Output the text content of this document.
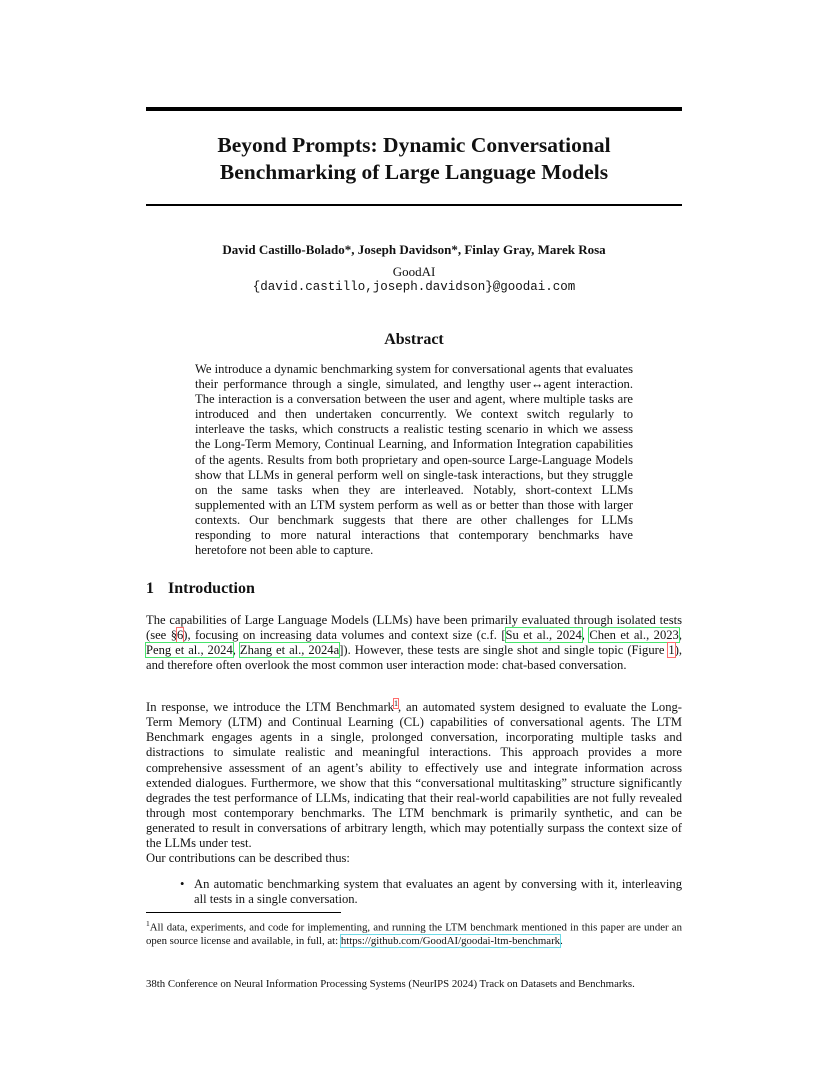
Beyond Prompts: Dynamic Conversational
Benchmarking of Large Language Models
David Castillo-Bolado*, Joseph Davidson*, Finlay Gray, Marek Rosa
GoodAI
{david.castillo,joseph.davidson}@goodai.com
Abstract

We introduce a dynamic benchmarking system for conversational agents that evaluates their performance through a single, simulated, and lengthy user↔agent interaction. The interaction is a conversation between the user and agent, where multiple tasks are introduced and then undertaken concurrently. We context switch regularly to interleave the tasks, which constructs a realistic testing scenario in which we assess the Long-Term Memory, Continual Learning, and Information Integration capabilities of the agents. Results from both proprietary and open-source Large-Language Models show that LLMs in general perform well on single-task interactions, but they struggle on the same tasks when they are interleaved. Notably, short-context LLMs supplemented with an LTM system perform as well as or better than those with larger contexts. Our benchmark suggests that there are other challenges for LLMs responding to more natural interactions that contemporary benchmarks have heretofore not been able to capture.

1 Introduction

The capabilities of Large Language Models (LLMs) have been primarily evaluated through isolated tests (see §6), focusing on increasing data volumes and context size (c.f. [Su et al., 2024, Chen et al., 2023, Peng et al., 2024, Zhang et al., 2024a]). However, these tests are single shot and single topic (Figure 1), and therefore often overlook the most common user interaction mode: chat-based conversation.

In response, we introduce the LTM Benchmark$^1$, an automated system designed to evaluate the Long-Term Memory (LTM) and Continual Learning (CL) capabilities of conversational agents. The LTM Benchmark engages agents in a single, prolonged conversation, incorporating multiple tasks and distractions to simulate realistic and meaningful interactions. This approach provides a more comprehensive assessment of an agent’s ability to effectively use and integrate information across extended dialogues. Furthermore, we show that this “conversational multitasking” structure significantly degrades the test performance of LLMs, indicating that their real-world capabilities are not fully revealed through most contemporary benchmarks. The LTM benchmark is primarily synthetic, and can be generated to result in conversations of arbitrary length, which may potentially surpass the context size of the LLMs under test.

Our contributions can be described thus:

• An automatic benchmarking system that evaluates an agent by conversing with it, interleaving all tests in a single conversation.

$^1$All data, experiments, and code for implementing, and running the LTM benchmark mentioned in this paper are under an open source license and available, in full, at: https://github.com/GoodAI/goodai-ltm-benchmark.

38th Conference on Neural Information Processing Systems (NeurIPS 2024) Track on Datasets and Benchmarks.
